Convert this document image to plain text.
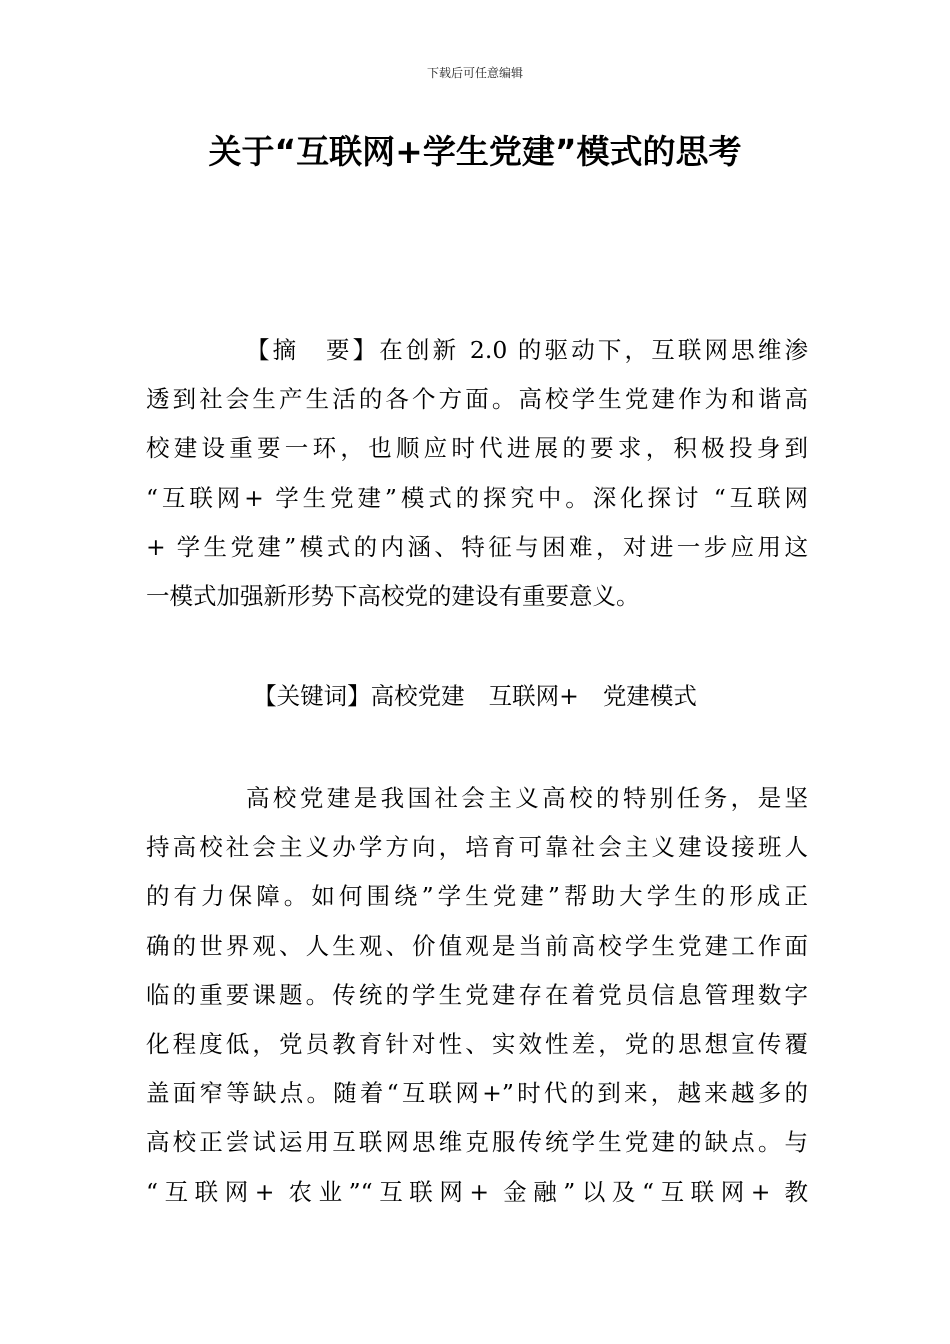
下载后可任意编辑
关于“互联网+学生党建”模式的思考
【摘　要】在创新 2.0 的驱动下，互联网思维渗
透到社会生产生活的各个方面。高校学生党建作为和谐高
校建设重要一环，也顺应时代进展的要求，积极投身到
“互联网+ 学生党建”模式的探究中。深化探讨 “互联网
+ 学生党建”模式的内涵、特征与困难，对进一步应用这
一模式加强新形势下高校党的建设有重要意义。
【关键词】高校党建 互联网+ 党建模式
高校党建是我国社会主义高校的特别任务，是坚
持高校社会主义办学方向，培育可靠社会主义建设接班人
的有力保障。如何围绕”学生党建”帮助大学生的形成正
确的世界观、人生观、价值观是当前高校学生党建工作面
临的重要课题。传统的学生党建存在着党员信息管理数字
化程度低，党员教育针对性、实效性差，党的思想宣传覆
盖面窄等缺点。随着“互联网+”时代的到来，越来越多的
高校正尝试运用互联网思维克服传统学生党建的缺点。与
“互联网+ 农业”“互联网+ 金融”以及“互联网+ 教
